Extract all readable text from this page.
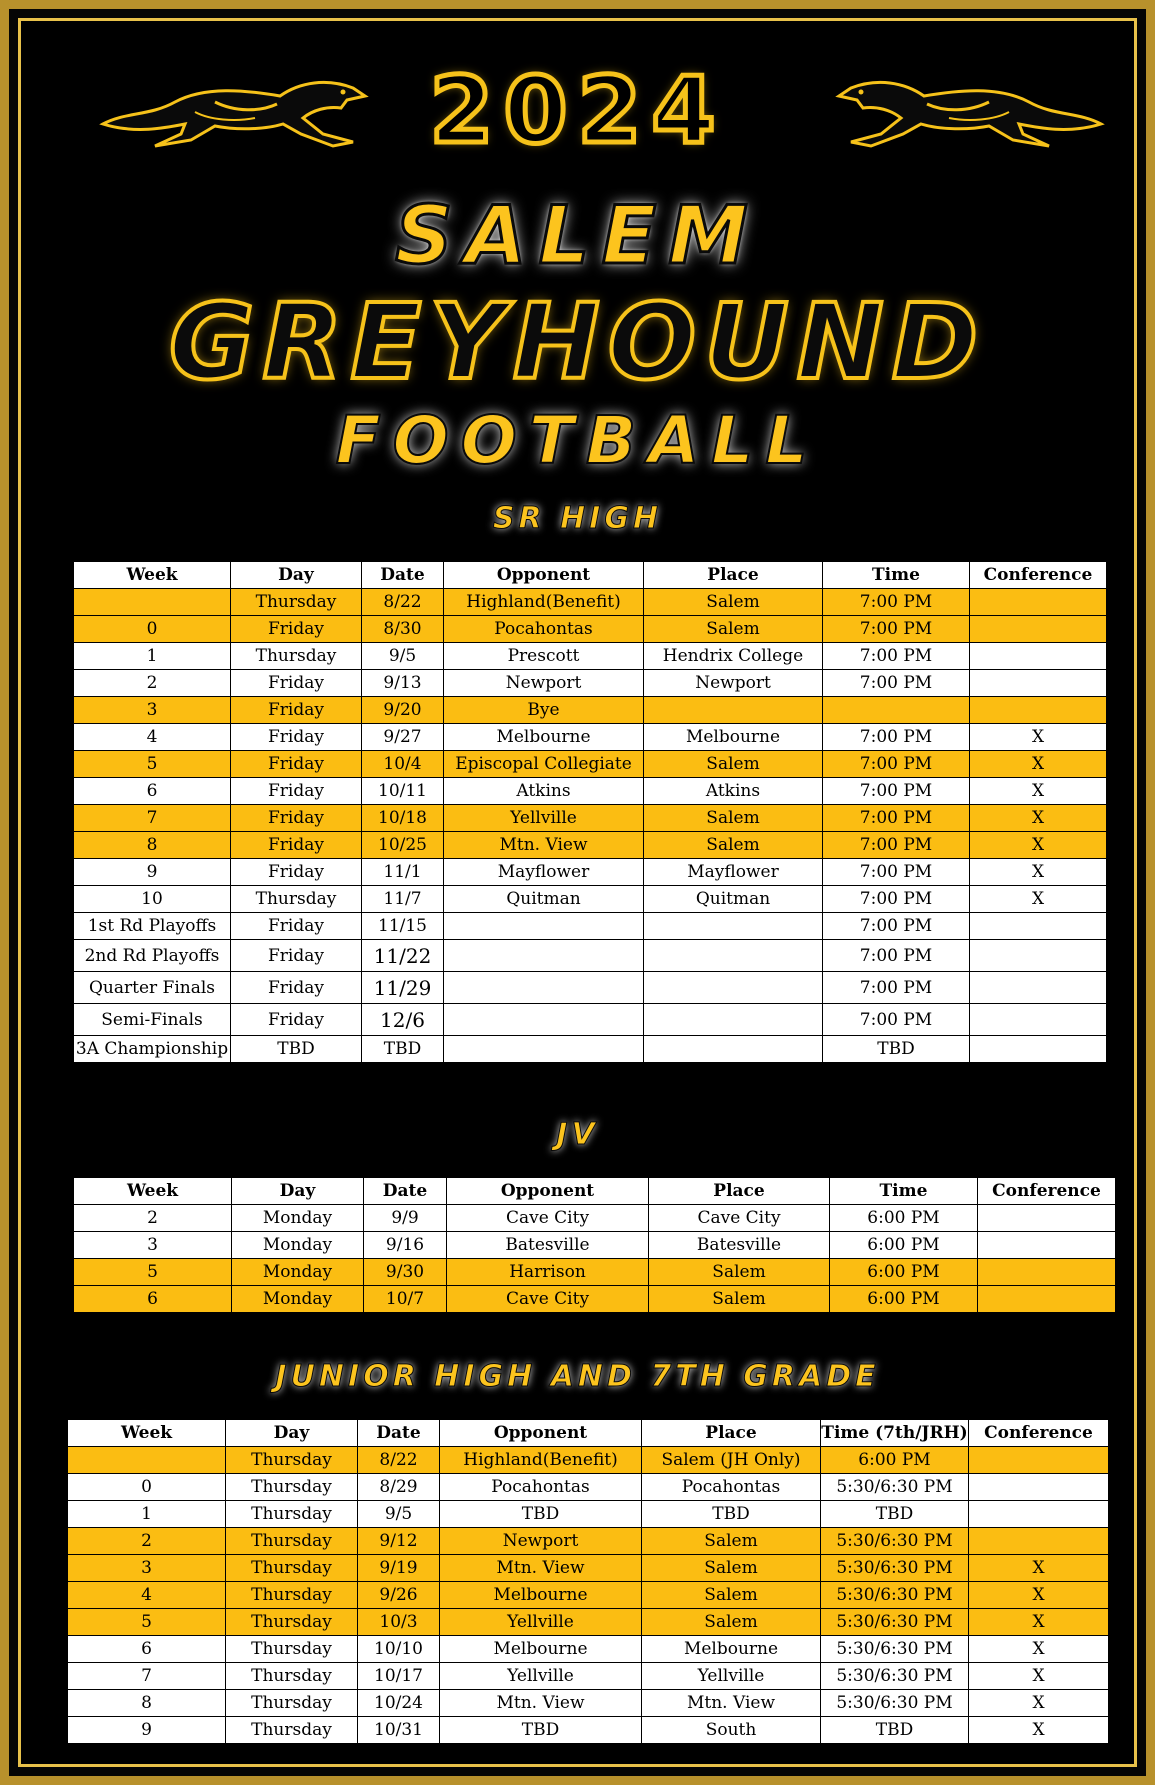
2024
SALEM
GREYHOUND
FOOTBALL
SR HIGH
Week	Day	Date	Opponent	Place	Time	Conference
	Thursday	8/22	Highland(Benefit)	Salem	7:00 PM	
0	Friday	8/30	Pocahontas	Salem	7:00 PM	
1	Thursday	9/5	Prescott	Hendrix College	7:00 PM	
2	Friday	9/13	Newport	Newport	7:00 PM	
3	Friday	9/20	Bye			
4	Friday	9/27	Melbourne	Melbourne	7:00 PM	X
5	Friday	10/4	Episcopal Collegiate	Salem	7:00 PM	X
6	Friday	10/11	Atkins	Atkins	7:00 PM	X
7	Friday	10/18	Yellville	Salem	7:00 PM	X
8	Friday	10/25	Mtn. View	Salem	7:00 PM	X
9	Friday	11/1	Mayflower	Mayflower	7:00 PM	X
10	Thursday	11/7	Quitman	Quitman	7:00 PM	X
1st Rd Playoffs	Friday	11/15			7:00 PM	
2nd Rd Playoffs	Friday	11/22			7:00 PM	
Quarter Finals	Friday	11/29			7:00 PM	
Semi-Finals	Friday	12/6			7:00 PM	
3A Championship	TBD	TBD			TBD	
JV
Week	Day	Date	Opponent	Place	Time	Conference
2	Monday	9/9	Cave City	Cave City	6:00 PM	
3	Monday	9/16	Batesville	Batesville	6:00 PM	
5	Monday	9/30	Harrison	Salem	6:00 PM	
6	Monday	10/7	Cave City	Salem	6:00 PM	
JUNIOR HIGH AND 7TH GRADE
Week	Day	Date	Opponent	Place	Time (7th/JRH)	Conference
	Thursday	8/22	Highland(Benefit)	Salem (JH Only)	6:00 PM	
0	Thursday	8/29	Pocahontas	Pocahontas	5:30/6:30 PM	
1	Thursday	9/5	TBD	TBD	TBD	
2	Thursday	9/12	Newport	Salem	5:30/6:30 PM	
3	Thursday	9/19	Mtn. View	Salem	5:30/6:30 PM	X
4	Thursday	9/26	Melbourne	Salem	5:30/6:30 PM	X
5	Thursday	10/3	Yellville	Salem	5:30/6:30 PM	X
6	Thursday	10/10	Melbourne	Melbourne	5:30/6:30 PM	X
7	Thursday	10/17	Yellville	Yellville	5:30/6:30 PM	X
8	Thursday	10/24	Mtn. View	Mtn. View	5:30/6:30 PM	X
9	Thursday	10/31	TBD	South	TBD	X
